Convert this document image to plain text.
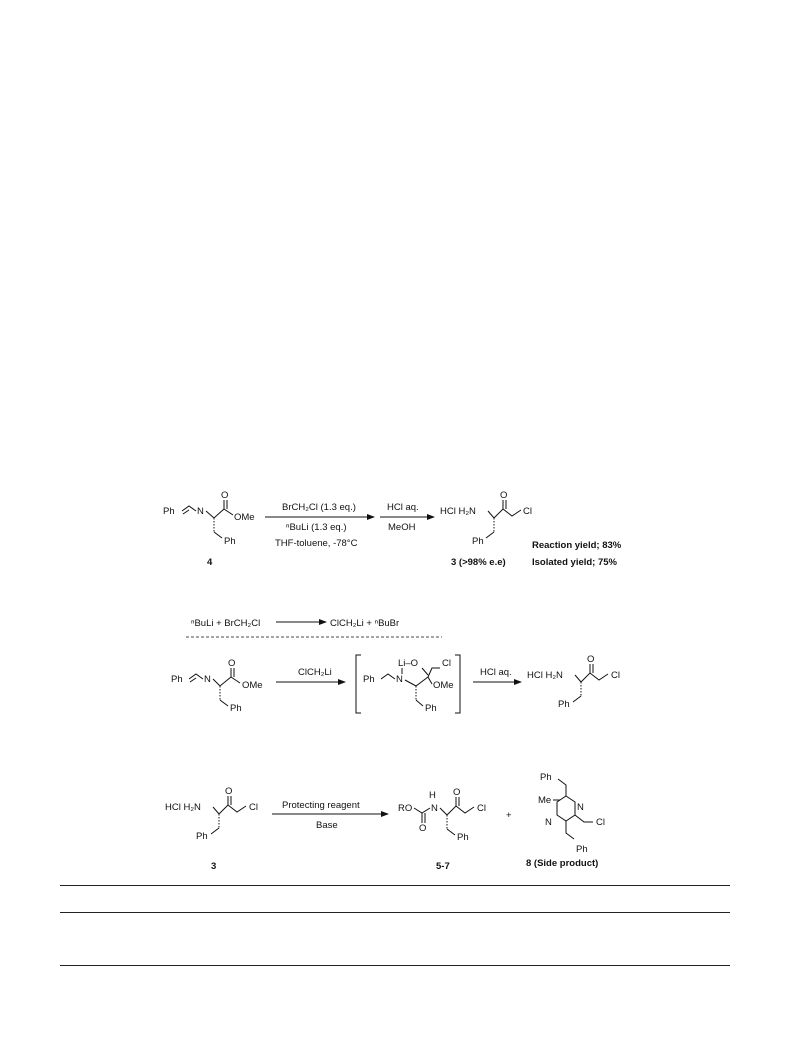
Ph N
O
OMe
Ph
4
BrCH₂Cl (1.3 eq.)
ⁿBuLi (1.3 eq.)
THF-toluene, -78°C
HCl aq.
MeOH
HCl H₂N
O
Cl
Ph
3 (>98% e.e)
Reaction yield; 83%
Isolated yield; 75%
ⁿBuLi + BrCH₂Cl	ClCH₂Li + ⁿBuBr
Ph N
O
OMe
Ph
ClCH₂Li
Ph N
Li–O	Cl
OMe
Ph
HCl aq. HCl H₂N
O
Cl
Ph
HCl H₂N
O
Cl
Ph
3
Protecting reagent
Base
RO
O
H
N
O
Cl
Ph
5-7
+
Ph
Me
N
N
Cl
Ph
8 (Side product)
